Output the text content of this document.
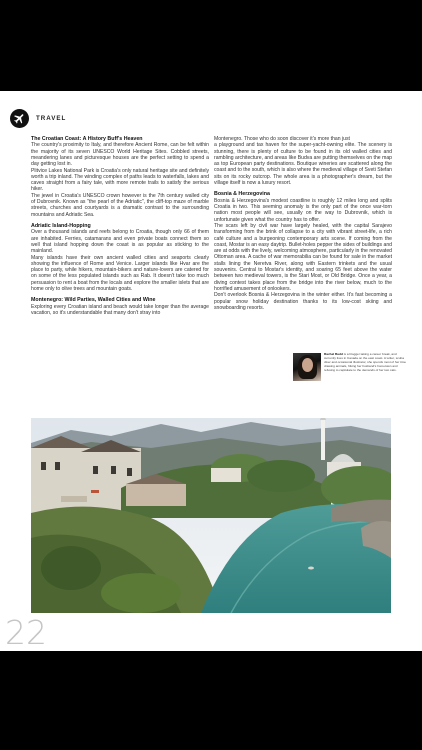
TRAVEL
The Croatian Coast: A History Buff's Heaven

The country's proximity to Italy, and therefore Ancient Rome, can be felt within the majority of its seven UNESCO World Heritage Sites. Cobbled streets, meandering lanes and picturesque houses are the perfect setting to spend a day getting lost in.

Plitvice Lakes National Park is Croatia's only natural heritage site and definitely worth a trip inland. The winding complex of paths leads to waterfalls, lakes and caves straight from a fairy tale, with more remote trails to satisfy the serious hiker.

The jewel in Croatia's UNESCO crown however is the 7th century walled city of Dubrovnik. Known as "the pearl of the Adriatic", the cliff-top maze of marble streets, churches and courtyards is a dramatic contrast to the surrounding mountains and Adriatic Sea.

Adriatic Island-Hopping

Over a thousand islands and reefs belong to Croatia, though only 66 of them are inhabited. Ferries, catamarans and even private boats connect them so well that island hopping down the coast is as popular as sticking to the mainland.

Many islands have their own ancient walled cities and seaports clearly showing the influence of Rome and Venice. Larger islands like Hvar are the place to party, while hikers, mountain-bikers and nature-lovers are catered for on some of the less populated islands such as Rab. It doesn't take too much persuasion to rent a boat from the locals and explore the smaller islets that are home only to olive trees and mountain goats.

Montenegro: Wild Parties, Walled Cities and Wine

Exploring every Croatian island and beach would take longer than the average vacation, so it's understandable that many don't stray into

Montenegro. Those who do soon discover it's more than just

a playground and tax haven for the super-yacht-owning elite. The scenery is stunning, there is plenty of culture to be found in its old walled cities and rambling architecture, and areas like Budva are putting themselves on the map as top European party destinations. Boutique wineries are scattered along the coast and to the south, which is also where the medieval village of Sveti Stefan sits on its rocky outcrop. The whole area is a photographer's dream, but the village itself is now a luxury resort.

Bosnia & Herzegovina

Bosnia & Herzegovina's modest coastline is roughly 12 miles long and splits Croatia in two. This seeming anomaly is the only part of the once war-torn nation most people will see, usually on the way to Dubrovnik, which is unfortunate given what the country has to offer.

The scars left by civil war have largely healed, with the capital Sarajevo transforming from the brink of collapse to a city with vibrant street-life, a rich café culture and a burgeoning contemporary arts scene. If coming from the coast, Mostar is an easy daytrip. Bullet-holes pepper the sides of buildings and are at odds with the lively, welcoming atmosphere, particularly in the renovated Ottoman area. A cache of war memorabilia can be found for sale in the market stalls lining the Neretva River, along with Eastern trinkets and the usual souvenirs. Central to Mostar's identity, and soaring 65 feet above the water between two medieval towers, is the Stari Most, or Old Bridge. Once a year, a diving contest takes place from the bridge into the river below, much to the horrified amusement of onlookers.

Don't overlook Bosnia & Herzegovina in the winter either. It's fast becoming a popular snow holiday destination thanks to its low-cost skiing and snowboarding resorts.

Rachel Budd is a blogger taking a career break, and currently lives in Canada on the east coast. A writer, scuba diver and occasional illustrator, she spends most of her time drawing animals, hiking her husband's hometown and refusing to capitulate to the demands of her two cats.
22
